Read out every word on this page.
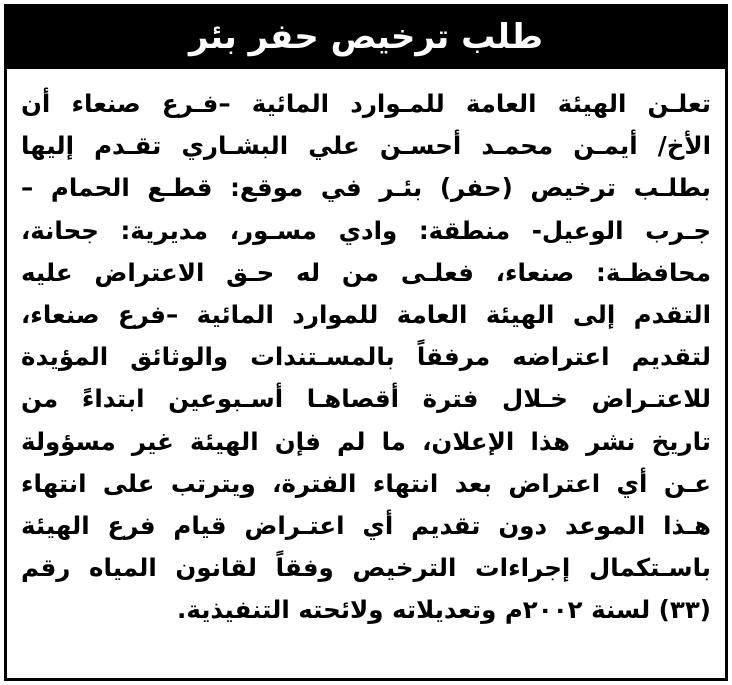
طلب ترخيص حفر بئر
تعلـن الهيئة العامة للمـوارد المائية –فـرع صنعاء أن
الأخ/ أيمـن محمـد أحسـن علي البشـاري تقـدم إليها
بطلـب ترخيص (حفر) بئـر في موقع: قطـع الحمام –
جـرب الوعيل- منطقة: وادي مسـور، مديرية: جحانة،
محافظـة: صنعاء، فعلـى من له حـق الاعتراض عليه
التقدم إلى الهيئة العامة للموارد المائية –فرع صنعاء،
لتقديم اعتراضه مرفقاً بالمسـتندات والوثائق المؤيدة
للاعتـراض خـلال فترة أقصاهـا أسـبوعين ابتداءً من
تاريخ نشر هذا الإعلان، ما لم فإن الهيئة غير مسؤولة
عـن أي اعتراض بعد انتهاء الفترة، ويترتب على انتهاء
هـذا الموعد دون تقديم أي اعتـراض قيام فرع الهيئة
باسـتكمال إجراءات الترخيص وفقاً لقانون المياه رقم
(٣٣) لسنة ٢٠٠٢م وتعديلاته ولائحته التنفيذية.
